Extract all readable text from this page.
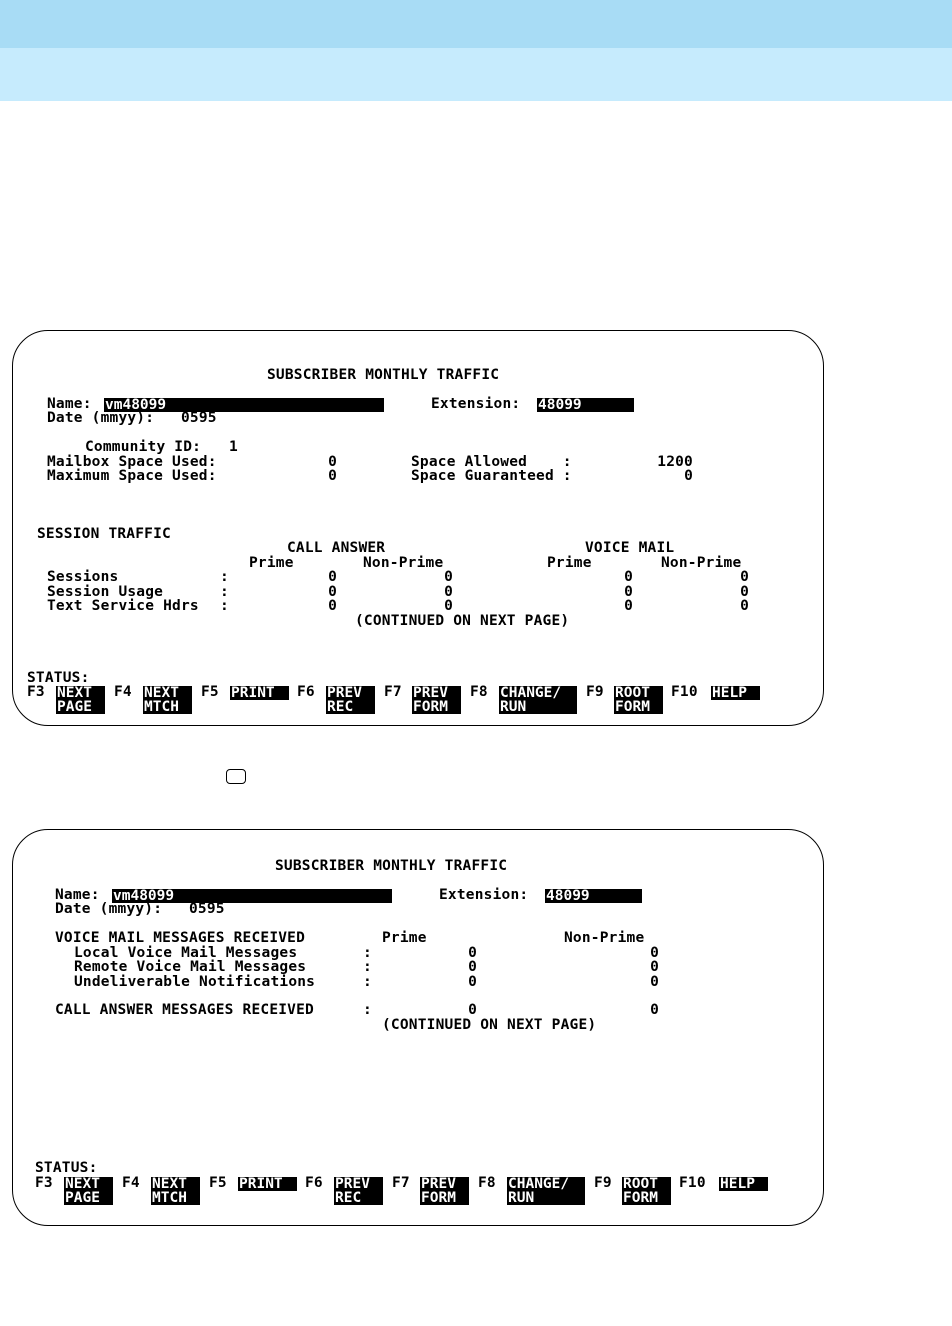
SUBSCRIBER MONTHLY TRAFFIC
Name: vm48099	Extension: 48099
Date (mmyy): 0595
Community ID: 1
Mailbox Space Used:	0	Space Allowed    :	1200
Maximum Space Used:	0	Space Guaranteed :	0
SESSION TRAFFIC
CALL ANSWER	VOICE MAIL
Prime	Non-Prime	Prime	Non-Prime
Sessions	:	0	0	0	0
Session Usage	:	0	0	0	0
Text Service Hdrs :	0	0	0	0
(CONTINUED ON NEXT PAGE)
STATUS:
F3 NEXT
PAGE
F4 NEXT
MTCH
F5 PRINT	F6 PREV
REC
F7 PREV
FORM
F8 CHANGE/
RUN
F9 ROOT
FORM
F10 HELP
SUBSCRIBER MONTHLY TRAFFIC
Name: vm48099	Extension: 48099
Date (mmyy): 0595
VOICE MAIL MESSAGES RECEIVED	Prime	Non-Prime
Local Voice Mail Messages	:	0	0
Remote Voice Mail Messages	:	0	0
Undeliverable Notifications	:	0	0
CALL ANSWER MESSAGES RECEIVED	:	0	0
(CONTINUED ON NEXT PAGE)
STATUS:
F3 NEXT
PAGE
F4 NEXT
MTCH
F5 PRINT	F6 PREV
REC
F7 PREV
FORM
F8 CHANGE/
RUN
F9 ROOT
FORM
F10 HELP
